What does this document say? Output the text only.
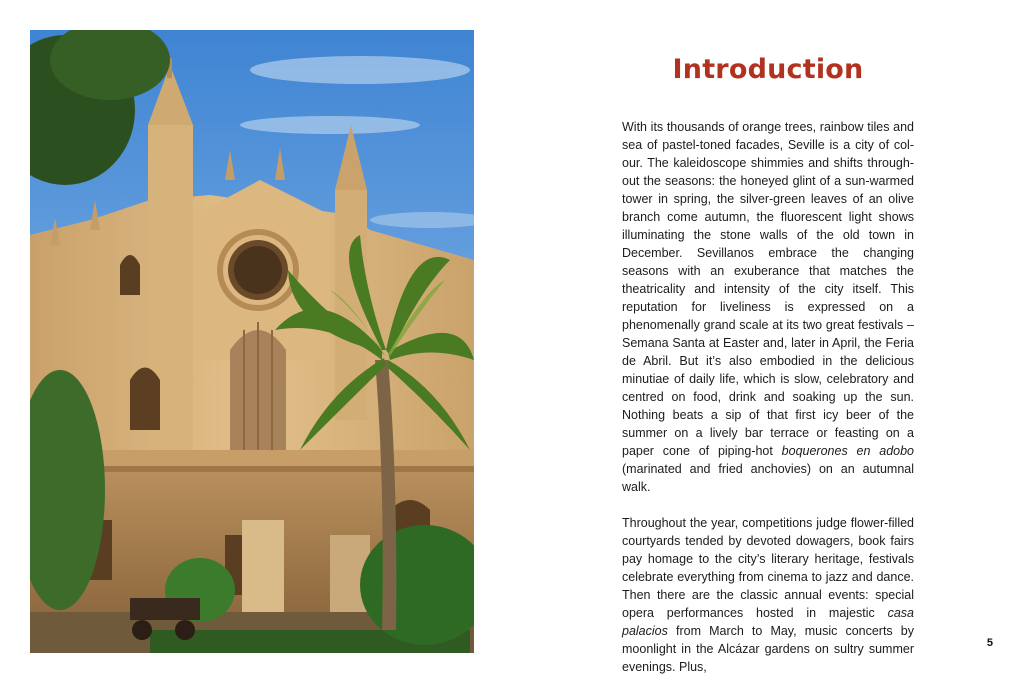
Introduction

With its thousands of orange trees, rainbow tiles and sea of pastel-toned facades, Seville is a city of colour. The kaleidoscope shimmies and shifts throughout the seasons: the honeyed glint of a sun-warmed tower in spring, the silver-green leaves of an olive branch come autumn, the fluorescent light shows illuminating the stone walls of the old town in December. Sevillanos embrace the changing seasons with an exuberance that matches the theatricality and intensity of the city itself. This reputation for liveliness is expressed on a phenomenally grand scale at its two great festivals – Semana Santa at Easter and, later in April, the Feria de Abril. But it’s also embodied in the delicious minutiae of daily life, which is slow, celebratory and centred on food, drink and soaking up the sun. Nothing beats a sip of that first icy beer of the summer on a lively bar terrace or feasting on a paper cone of piping-hot boquerones en adobo (marinated and fried anchovies) on an autumnal walk.

Throughout the year, competitions judge flower-filled courtyards tended by devoted dowagers, book fairs pay homage to the city’s literary heritage, festivals celebrate everything from cinema to jazz and dance. Then there are the classic annual events: special opera performances hosted in majestic casa palacios from March to May, music concerts by moonlight in the Alcázar gardens on sultry summer evenings. Plus,

5
